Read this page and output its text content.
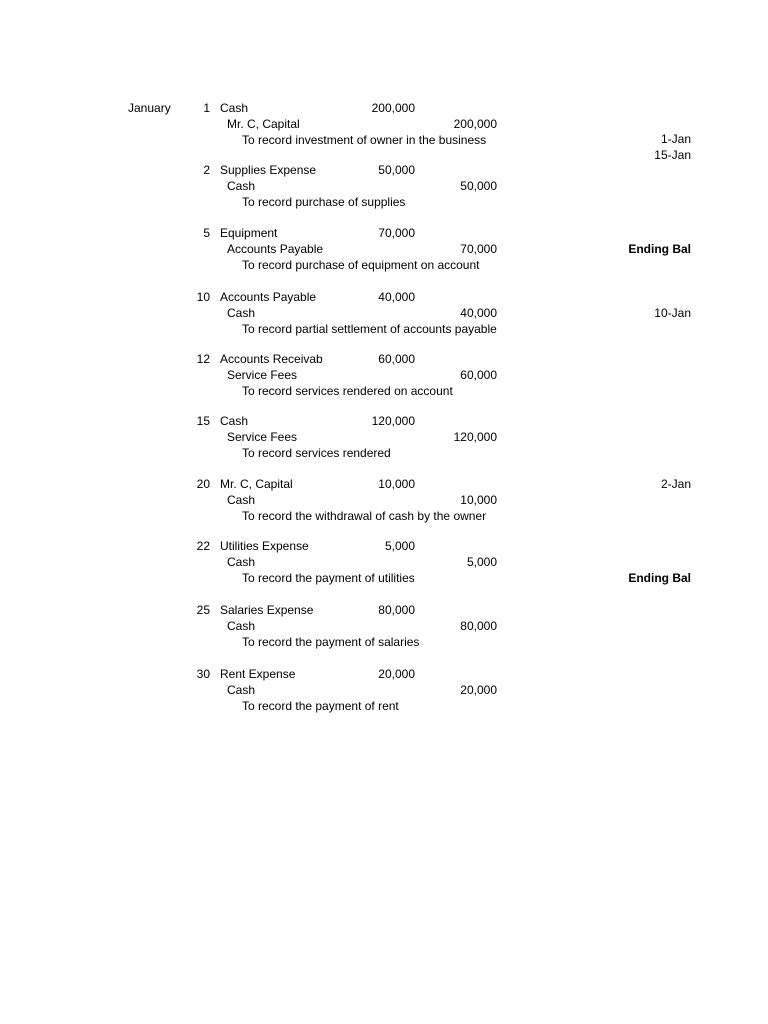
January	1 Cash	200,000
Mr. C, Capital	200,000
To record investment of owner in the business
2 Supplies Expense	50,000
Cash	50,000
To record purchase of supplies
5 Equipment	70,000
Accounts Payable	70,000
To record purchase of equipment on account
10 Accounts Payable	40,000
Cash	40,000
To record partial settlement of accounts payable
12 Accounts Receivab	60,000
Service Fees	60,000
To record services rendered on account
15 Cash	120,000
Service Fees	120,000
To record services rendered
20 Mr. C, Capital	10,000
Cash	10,000
To record the withdrawal of cash by the owner
22 Utilities Expense	5,000
Cash	5,000
To record the payment of utilities
25 Salaries Expense	80,000
Cash	80,000
To record the payment of salaries
30 Rent Expense	20,000
Cash	20,000
To record the payment of rent
1-Jan
15-Jan
Ending Bal
10-Jan
2-Jan
Ending Bal
